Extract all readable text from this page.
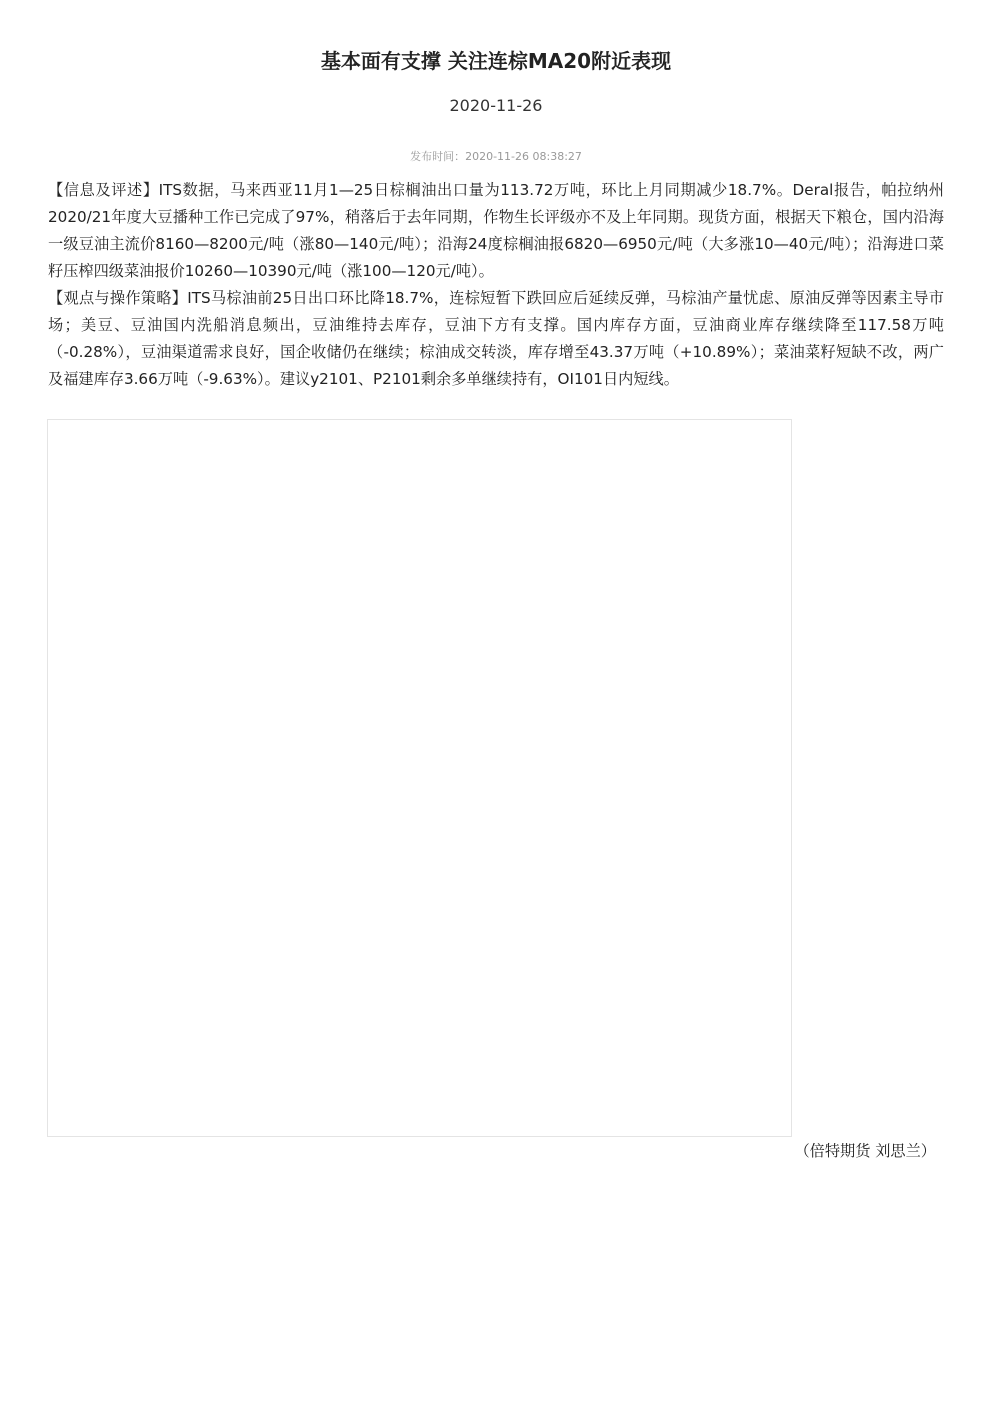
基本面有支撑 关注连棕MA20附近表现
2020-11-26
发布时间：2020-11-26 08:38:27

【信息及评述】ITS数据，马来西亚11月1—25日棕榈油出口量为113.72万吨，环比上月同期减少18.7%。Deral报告，帕拉纳州2020/21年度大豆播种工作已完成了97%，稍落后于去年同期，作物生长评级亦不及上年同期。现货方面，根据天下粮仓，国内沿海一级豆油主流价8160—8200元/吨（涨80—140元/吨）；沿海24度棕榈油报6820—6950元/吨（大多涨10—40元/吨）；沿海进口菜籽压榨四级菜油报价10260—10390元/吨（涨100—120元/吨）。

【观点与操作策略】ITS马棕油前25日出口环比降18.7%，连棕短暂下跌回应后延续反弹，马棕油产量忧虑、原油反弹等因素主导市场；美豆、豆油国内洗船消息频出，豆油维持去库存，豆油下方有支撑。国内库存方面，豆油商业库存继续降至117.58万吨（-0.28%），豆油渠道需求良好，国企收储仍在继续；棕油成交转淡，库存增至43.37万吨（+10.89%）；菜油菜籽短缺不改，两广及福建库存3.66万吨（-9.63%）。建议y2101、P2101剩余多单继续持有，OI101日内短线。

（倍特期货 刘思兰）
